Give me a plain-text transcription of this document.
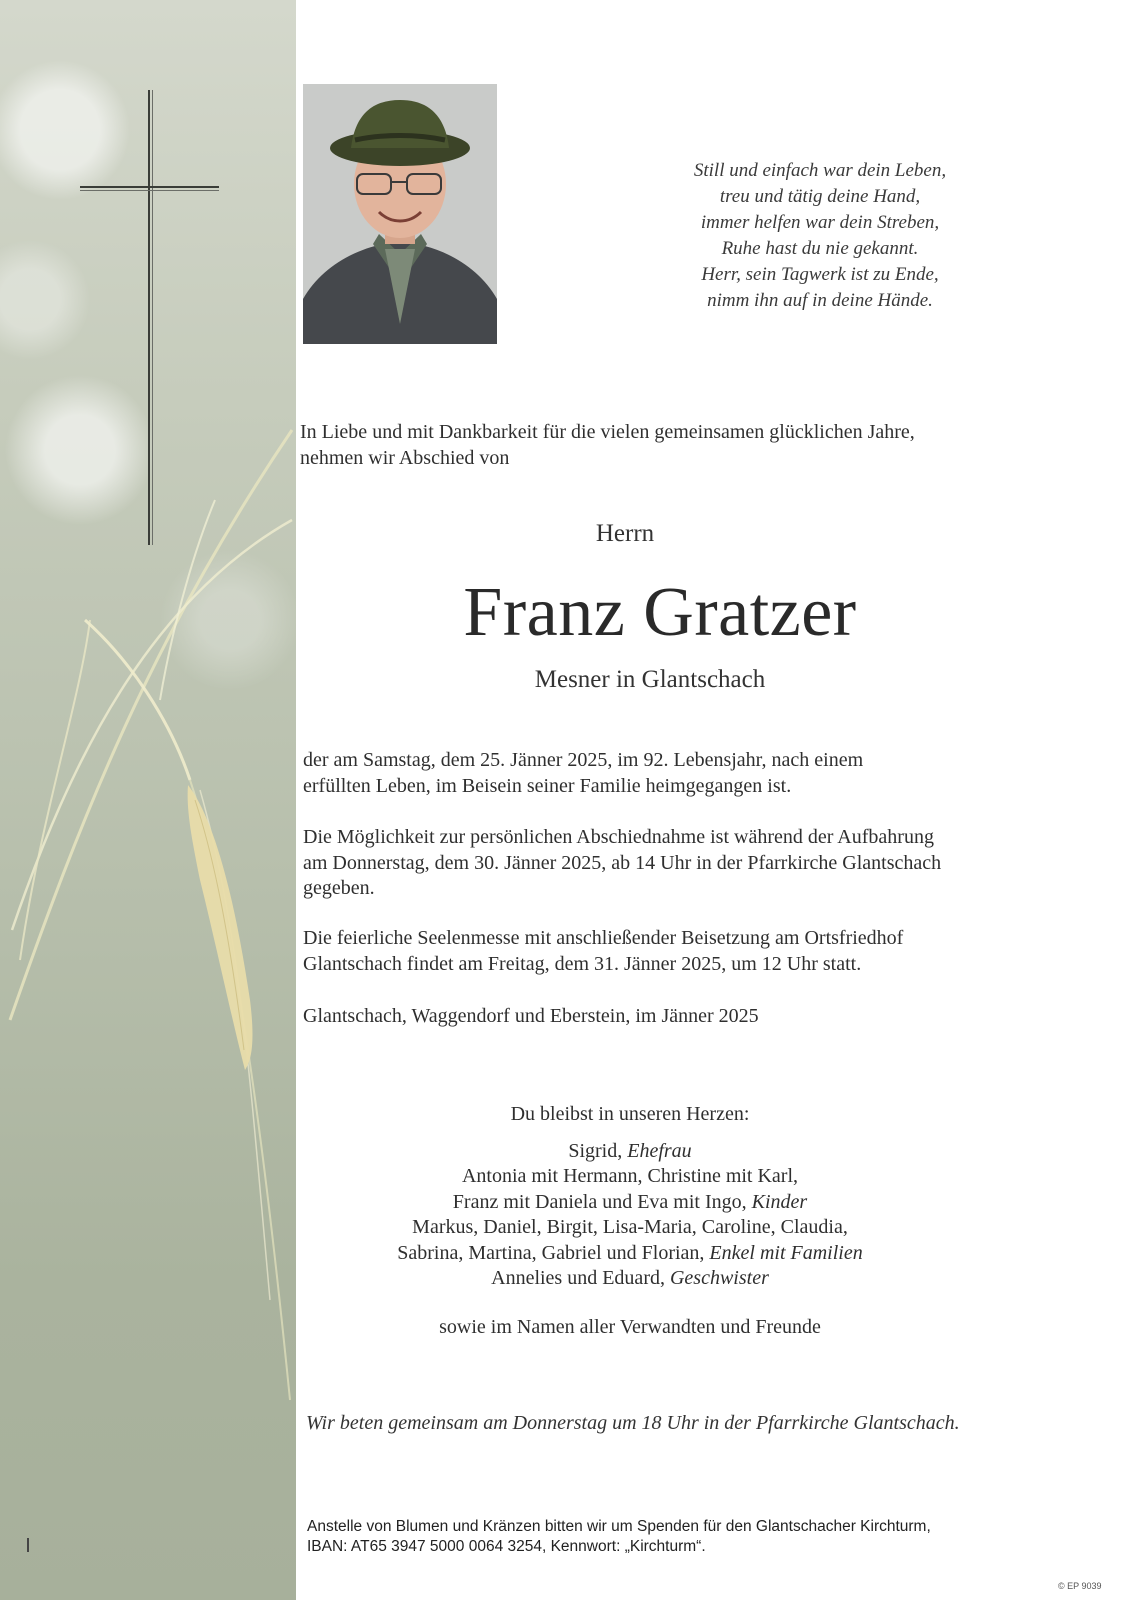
Still und einfach war dein Leben,
treu und tätig deine Hand,
immer helfen war dein Streben,
Ruhe hast du nie gekannt.
Herr, sein Tagwerk ist zu Ende,
nimm ihn auf in deine Hände.
In Liebe und mit Dankbarkeit für die vielen gemeinsamen glücklichen Jahre,
nehmen wir Abschied von
Herrn
Franz Gratzer
Mesner in Glantschach
der am Samstag, dem 25. Jänner 2025, im 92. Lebensjahr, nach einem
erfüllten Leben, im Beisein seiner Familie heimgegangen ist.
Die Möglichkeit zur persönlichen Abschiednahme ist während der Aufbahrung
am Donnerstag, dem 30. Jänner 2025, ab 14 Uhr in der Pfarrkirche Glantschach
gegeben.
Die feierliche Seelenmesse mit anschließender Beisetzung am Ortsfriedhof
Glantschach findet am Freitag, dem 31. Jänner 2025, um 12 Uhr statt.
Glantschach, Waggendorf und Eberstein, im Jänner 2025
Du bleibst in unseren Herzen:
Sigrid, Ehefrau
Antonia mit Hermann, Christine mit Karl,
Franz mit Daniela und Eva mit Ingo, Kinder
Markus, Daniel, Birgit, Lisa-Maria, Caroline, Claudia,
Sabrina, Martina, Gabriel und Florian, Enkel mit Familien
Annelies und Eduard, Geschwister
sowie im Namen aller Verwandten und Freunde
Wir beten gemeinsam am Donnerstag um 18 Uhr in der Pfarrkirche Glantschach.
Anstelle von Blumen und Kränzen bitten wir um Spenden für den Glantschacher Kirchturm,
IBAN: AT65 3947 5000 0064 3254, Kennwort: „Kirchturm“.
© EP 9039
